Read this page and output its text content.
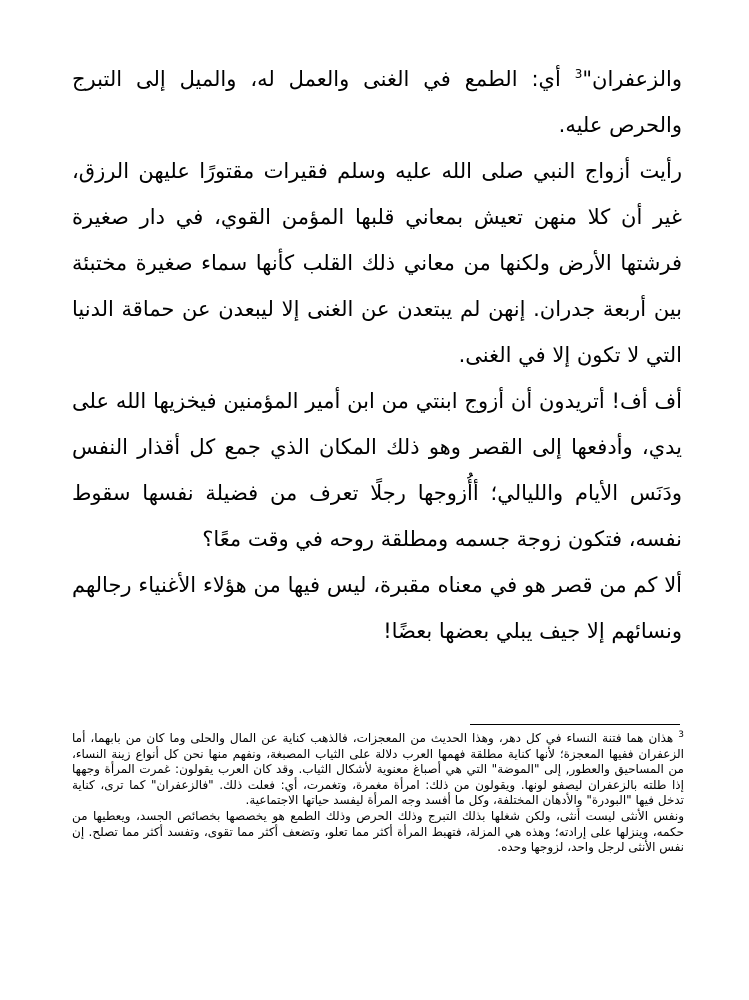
والزعفران"$^3$ أي: الطمع في الغنى والعمل له، والميل إلى التبرج والحرص عليه.

رأيت أزواج النبي صلى الله عليه وسلم فقيرات مقتورًا عليهن الرزق، غير أن كلا منهن تعيش بمعاني قلبها المؤمن القوي، في دار صغيرة فرشتها الأرض ولكنها من معاني ذلك القلب كأنها سماء صغيرة مختبئة بين أربعة جدران. إنهن لم يبتعدن عن الغنى إلا ليبعدن عن حماقة الدنيا التي لا تكون إلا في الغنى.

أف أف! أتريدون أن أزوج ابنتي من ابن أمير المؤمنين فيخزيها الله على يدي، وأدفعها إلى القصر وهو ذلك المكان الذي جمع كل أقذار النفس ودَنَس الأيام والليالي؛ أأُزوجها رجلًا تعرف من فضيلة نفسها سقوط نفسه، فتكون زوجة جسمه ومطلقة روحه في وقت معًا؟

ألا كم من قصر هو في معناه مقبرة، ليس فيها من هؤلاء الأغنياء رجالهم ونسائهم إلا جيف يبلي بعضها بعضًا!

$^3$ هذان هما فتنة النساء في كل دهر، وهذا الحديث من المعجزات، فالذهب كناية عن المال والحلى وما كان من بابهما، أما الزعفران ففيها المعجزة؛ لأنها كناية مطلقة فهمها العرب دلالة على الثياب المصبغة، ونفهم منها نحن كل أنواع زينة النساء، من المساحيق والعطور, إلى "الموضة" التي هي أصباغ معنوية لأشكال الثياب. وقد كان العرب يقولون: غمرت المرأة وجهها إذا طلته بالزعفران ليصفو لونها. ويقولون من ذلك: امرأة مغمرة، وتغمرت، أي: فعلت ذلك. "فالزعفران" كما ترى، كناية تدخل فيها "البودرة" والأدهان المختلفة، وكل ما أفسد وجه المرأة ليفسد حياتها الاجتماعية.

ونفس الأنثى ليست أنثى، ولكن شغلها بذلك التبرج وذلك الحرص وذلك الطمع هو يخصصها بخصائص الجسد، ويعطيها من حكمه، وينزلها على إرادته؛ وهذه هي المزلة، فتهبط المرأة أكثر مما تعلو، وتضعف أكثر مما تقوى، وتفسد أكثر مما تصلح. إن نفس الأنثى لرجل واحد، لزوجها وحده.
